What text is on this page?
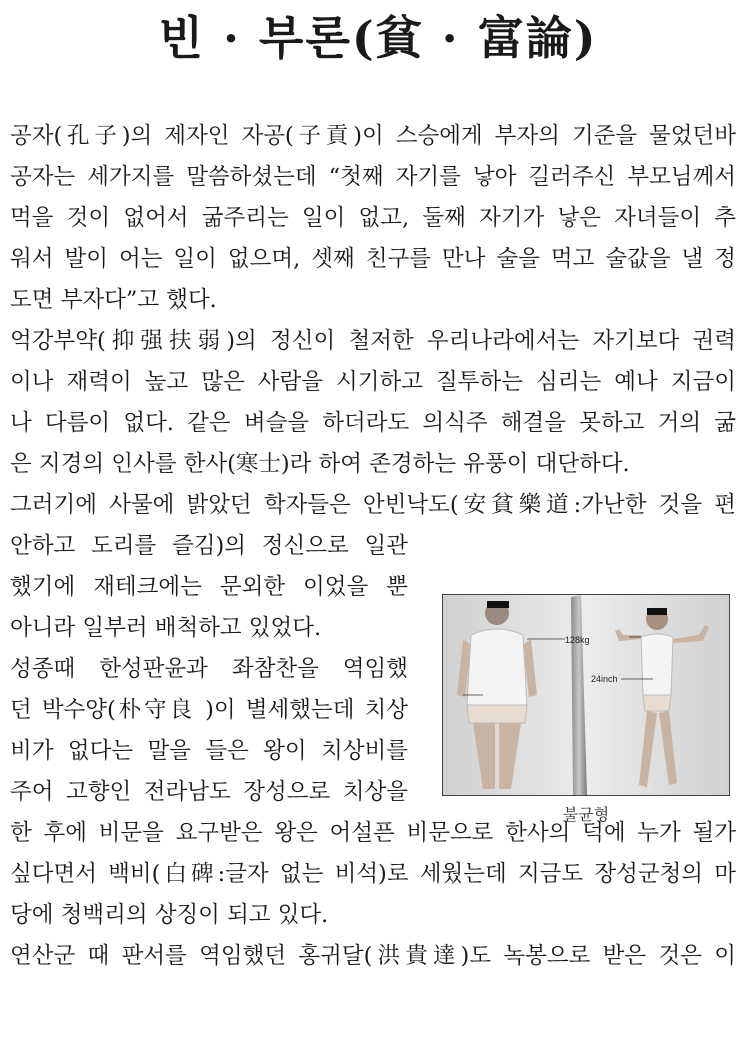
빈 · 부론(貧 · 富論)
공자(孔子)의 제자인 자공(子貢)이 스승에게 부자의 기준을 물었던바
공자는 세가지를 말씀하셨는데 “첫째 자기를 낳아 길러주신 부모님께서
먹을 것이 없어서 굶주리는 일이 없고, 둘째 자기가 낳은 자녀들이 추
워서 발이 어는 일이 없으며, 셋째 친구를 만나 술을 먹고 술값을 낼 정
도면 부자다”고 했다.
억강부약(抑强扶弱)의 정신이 철저한 우리나라에서는 자기보다 권력
이나 재력이 높고 많은 사람을 시기하고 질투하는 심리는 예나 지금이
나 다름이 없다. 같은 벼슬을 하더라도 의식주 해결을 못하고 거의 굶
은 지경의 인사를 한사(寒士)라 하여 존경하는 유풍이 대단하다.
그러기에 사물에 밝았던 학자들은 안빈낙도(安貧樂道:가난한 것을 편
안하고 도리를 즐김)의 정신으로 일관
했기에 재테크에는 문외한 이었을 뿐
아니라 일부러 배척하고 있었다.
성종때 한성판윤과 좌참찬을 역임했
던 박수양(朴守良 )이 별세했는데 치상
비가 없다는 말을 들은 왕이 치상비를
주어 고향인 전라남도 장성으로 치상을
한 후에 비문을 요구받은 왕은 어설픈 비문으로 한사의 덕에 누가 될가
싶다면서 백비(白碑:글자 없는 비석)로 세웠는데 지금도 장성군청의 마
당에 청백리의 상징이 되고 있다.
연산군 때 판서를 역임했던 홍귀달(洪貴達)도 녹봉으로 받은 것은 이
128kg
24inch
불균형
